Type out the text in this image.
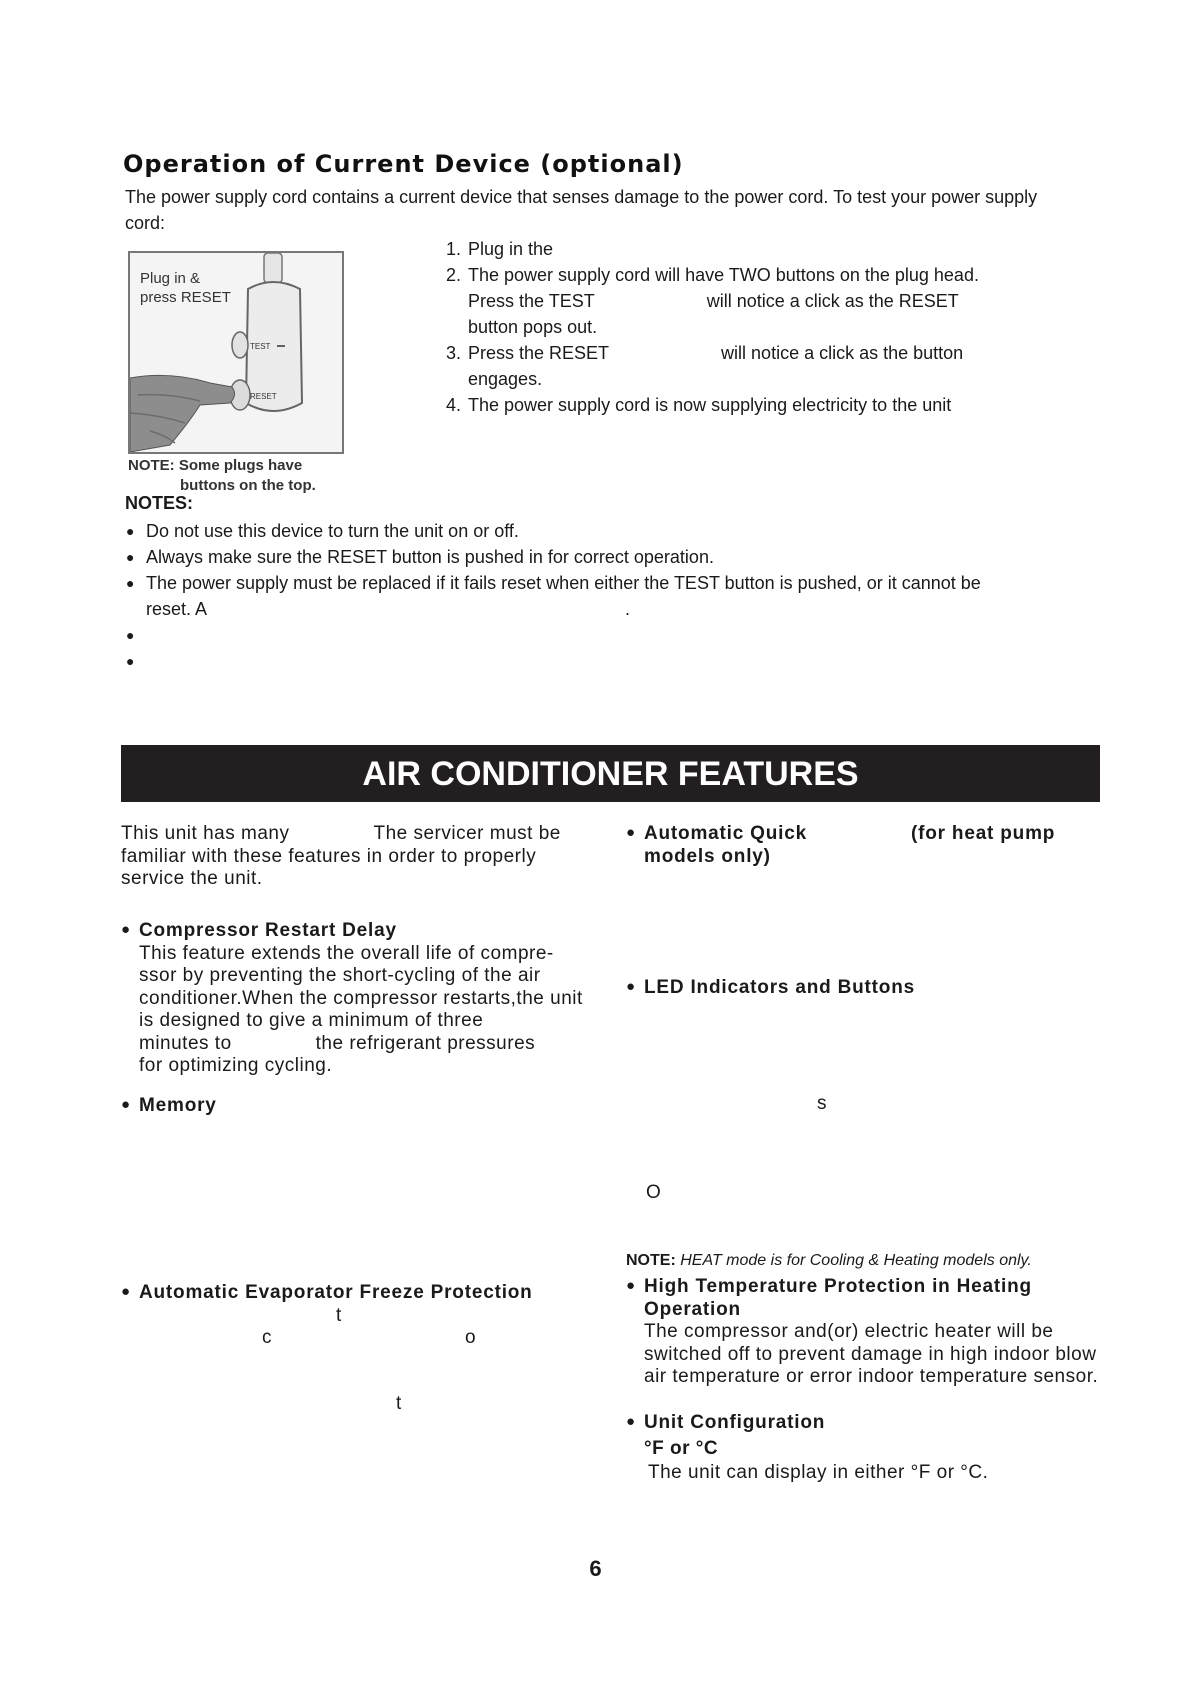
Operation of Current Device (optional)
The power supply cord contains a current device that senses damage to the power cord. To test your power supply cord:
1. Plug in the
2. The power supply cord will have TWO buttons on the plug head.
Press the TEST	will notice a click as the RESET
button pops out.
3. Press the RESET	will notice a click as the button
engages.
4. The power supply cord is now supplying electricity to the unit
Plug in &
press RESET
TEST
RESET
NOTE: Some plugs have
buttons on the top.
NOTES:
● Do not use this device to turn the unit on or off.
● Always make sure the RESET button is pushed in for correct operation.
● The power supply must be replaced if it fails reset when either the TEST button is pushed, or it cannot be
reset. A	.
●
●
AIR CONDITIONER FEATURES
This unit has many	The servicer must be
familiar with these features in order to properly service the unit.
● Compressor Restart Delay
This feature extends the overall life of compre-ssor by preventing the short-cycling of the air conditioner.When the compressor restarts,the unit is designed to give a minimum of three
minutes to	the refrigerant pressures
for optimizing cycling.
● Memory
● Automatic Evaporator Freeze Protection
t
c	o
t
● Automatic Quick	(for heat pump
models only)
● LED Indicators and Buttons
s
O
NOTE: HEAT mode is for Cooling & Heating models only.
● High Temperature Protection in Heating Operation
The compressor and(or) electric heater will be switched off to prevent damage in high indoor blow air temperature or error indoor temperature sensor.
● Unit Configuration
°F or °C
The unit can display in either °F or °C.
6
